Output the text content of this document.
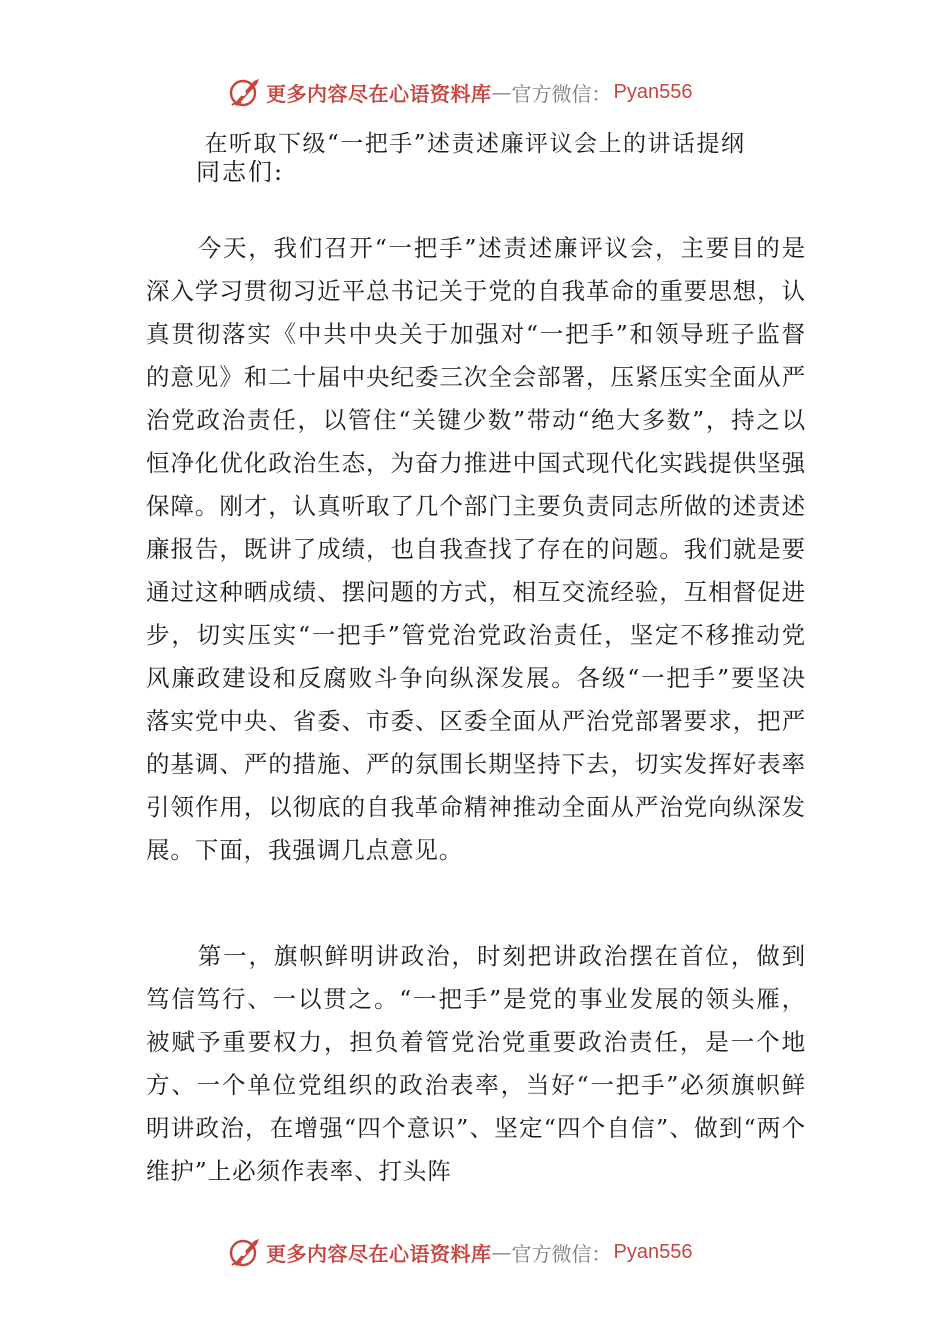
更多内容尽在心语资料库 — 官方微信： Pyan556
在听取下级“一把手”述责述廉评议会上的讲话提纲
同志们:

今天，我们召开“一把手”述责述廉评议会，主要目的是深入学习贯彻习近平总书记关于党的自我革命的重要思想，认真贯彻落实《中共中央关于加强对“一把手”和领导班子监督的意见》和二十届中央纪委三次全会部署，压紧压实全面从严治党政治责任，以管住“关键少数”带动“绝大多数”，持之以恒净化优化政治生态，为奋力推进中国式现代化实践提供坚强保障。刚才，认真听取了几个部门主要负责同志所做的述责述廉报告，既讲了成绩，也自我查找了存在的问题。我们就是要通过这种晒成绩、摆问题的方式，相互交流经验，互相督促进步，切实压实“一把手”管党治党政治责任，坚定不移推动党风廉政建设和反腐败斗争向纵深发展。各级“一把手”要坚决落实党中央、省委、市委、区委全面从严治党部署要求，把严的基调、严的措施、严的氛围长期坚持下去，切实发挥好表率引领作用，以彻底的自我革命精神推动全面从严治党向纵深发展。下面，我强调几点意见。

第一，旗帜鲜明讲政治，时刻把讲政治摆在首位，做到笃信笃行、一以贯之。“一把手”是党的事业发展的领头雁，被赋予重要权力，担负着管党治党重要政治责任，是一个地方、一个单位党组织的政治表率，当好“一把手”必须旗帜鲜明讲政治，在增强“四个意识”、坚定“四个自信”、做到“两个维护”上必须作表率、打头阵

更多内容尽在心语资料库 — 官方微信： Pyan556
